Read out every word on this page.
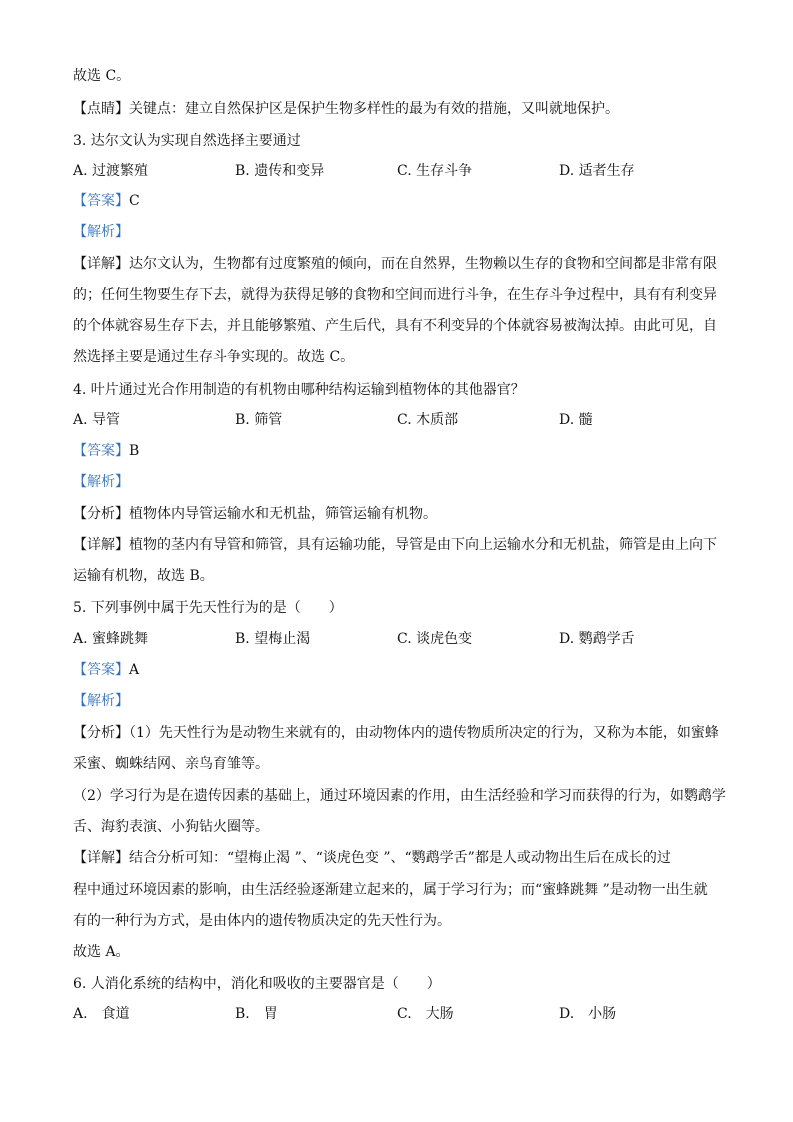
故选 C。
【点睛】关键点：建立自然保护区是保护生物多样性的最为有效的措施，又叫就地保护。
3. 达尔文认为实现自然选择主要通过
A. 过渡繁殖	B. 遗传和变异	C. 生存斗争	D. 适者生存
【答案】C
【解析】
【详解】达尔文认为，生物都有过度繁殖的倾向，而在自然界，生物赖以生存的食物和空间都是非常有限
的；任何生物要生存下去，就得为获得足够的食物和空间而进行斗争，在生存斗争过程中，具有有利变异
的个体就容易生存下去，并且能够繁殖、产生后代，具有不利变异的个体就容易被淘汰掉。由此可见，自
然选择主要是通过生存斗争实现的。故选 C。
4. 叶片通过光合作用制造的有机物由哪种结构运输到植物体的其他器官？
A. 导管	B. 筛管	C. 木质部	D. 髓
【答案】B
【解析】
【分析】植物体内导管运输水和无机盐，筛管运输有机物。
【详解】植物的茎内有导管和筛管，具有运输功能，导管是由下向上运输水分和无机盐，筛管是由上向下
运输有机物，故选 B。
5. 下列事例中属于先天性行为的是（　　）
A. 蜜蜂跳舞	B. 望梅止渴	C. 谈虎色变	D. 鹦鹉学舌
【答案】A
【解析】
【分析】（1）先天性行为是动物生来就有的，由动物体内的遗传物质所决定的行为，又称为本能，如蜜蜂
采蜜、蜘蛛结网、亲鸟育雏等。
（2）学习行为是在遗传因素的基础上，通过环境因素的作用，由生活经验和学习而获得的行为，如鹦鹉学
舌、海豹表演、小狗钻火圈等。
【详解】结合分析可知：“望梅止渴 ”、“谈虎色变 ”、“鹦鹉学舌”都是人或动物出生后在成长的过
程中通过环境因素的影响，由生活经验逐渐建立起来的，属于学习行为；而“蜜蜂跳舞 ”是动物一出生就
有的一种行为方式，是由体内的遗传物质决定的先天性行为。
故选 A。
6. 人消化系统的结构中，消化和吸收的主要器官是（　　）
A.　食道	B.　胃	C.　大肠	D.　小肠
